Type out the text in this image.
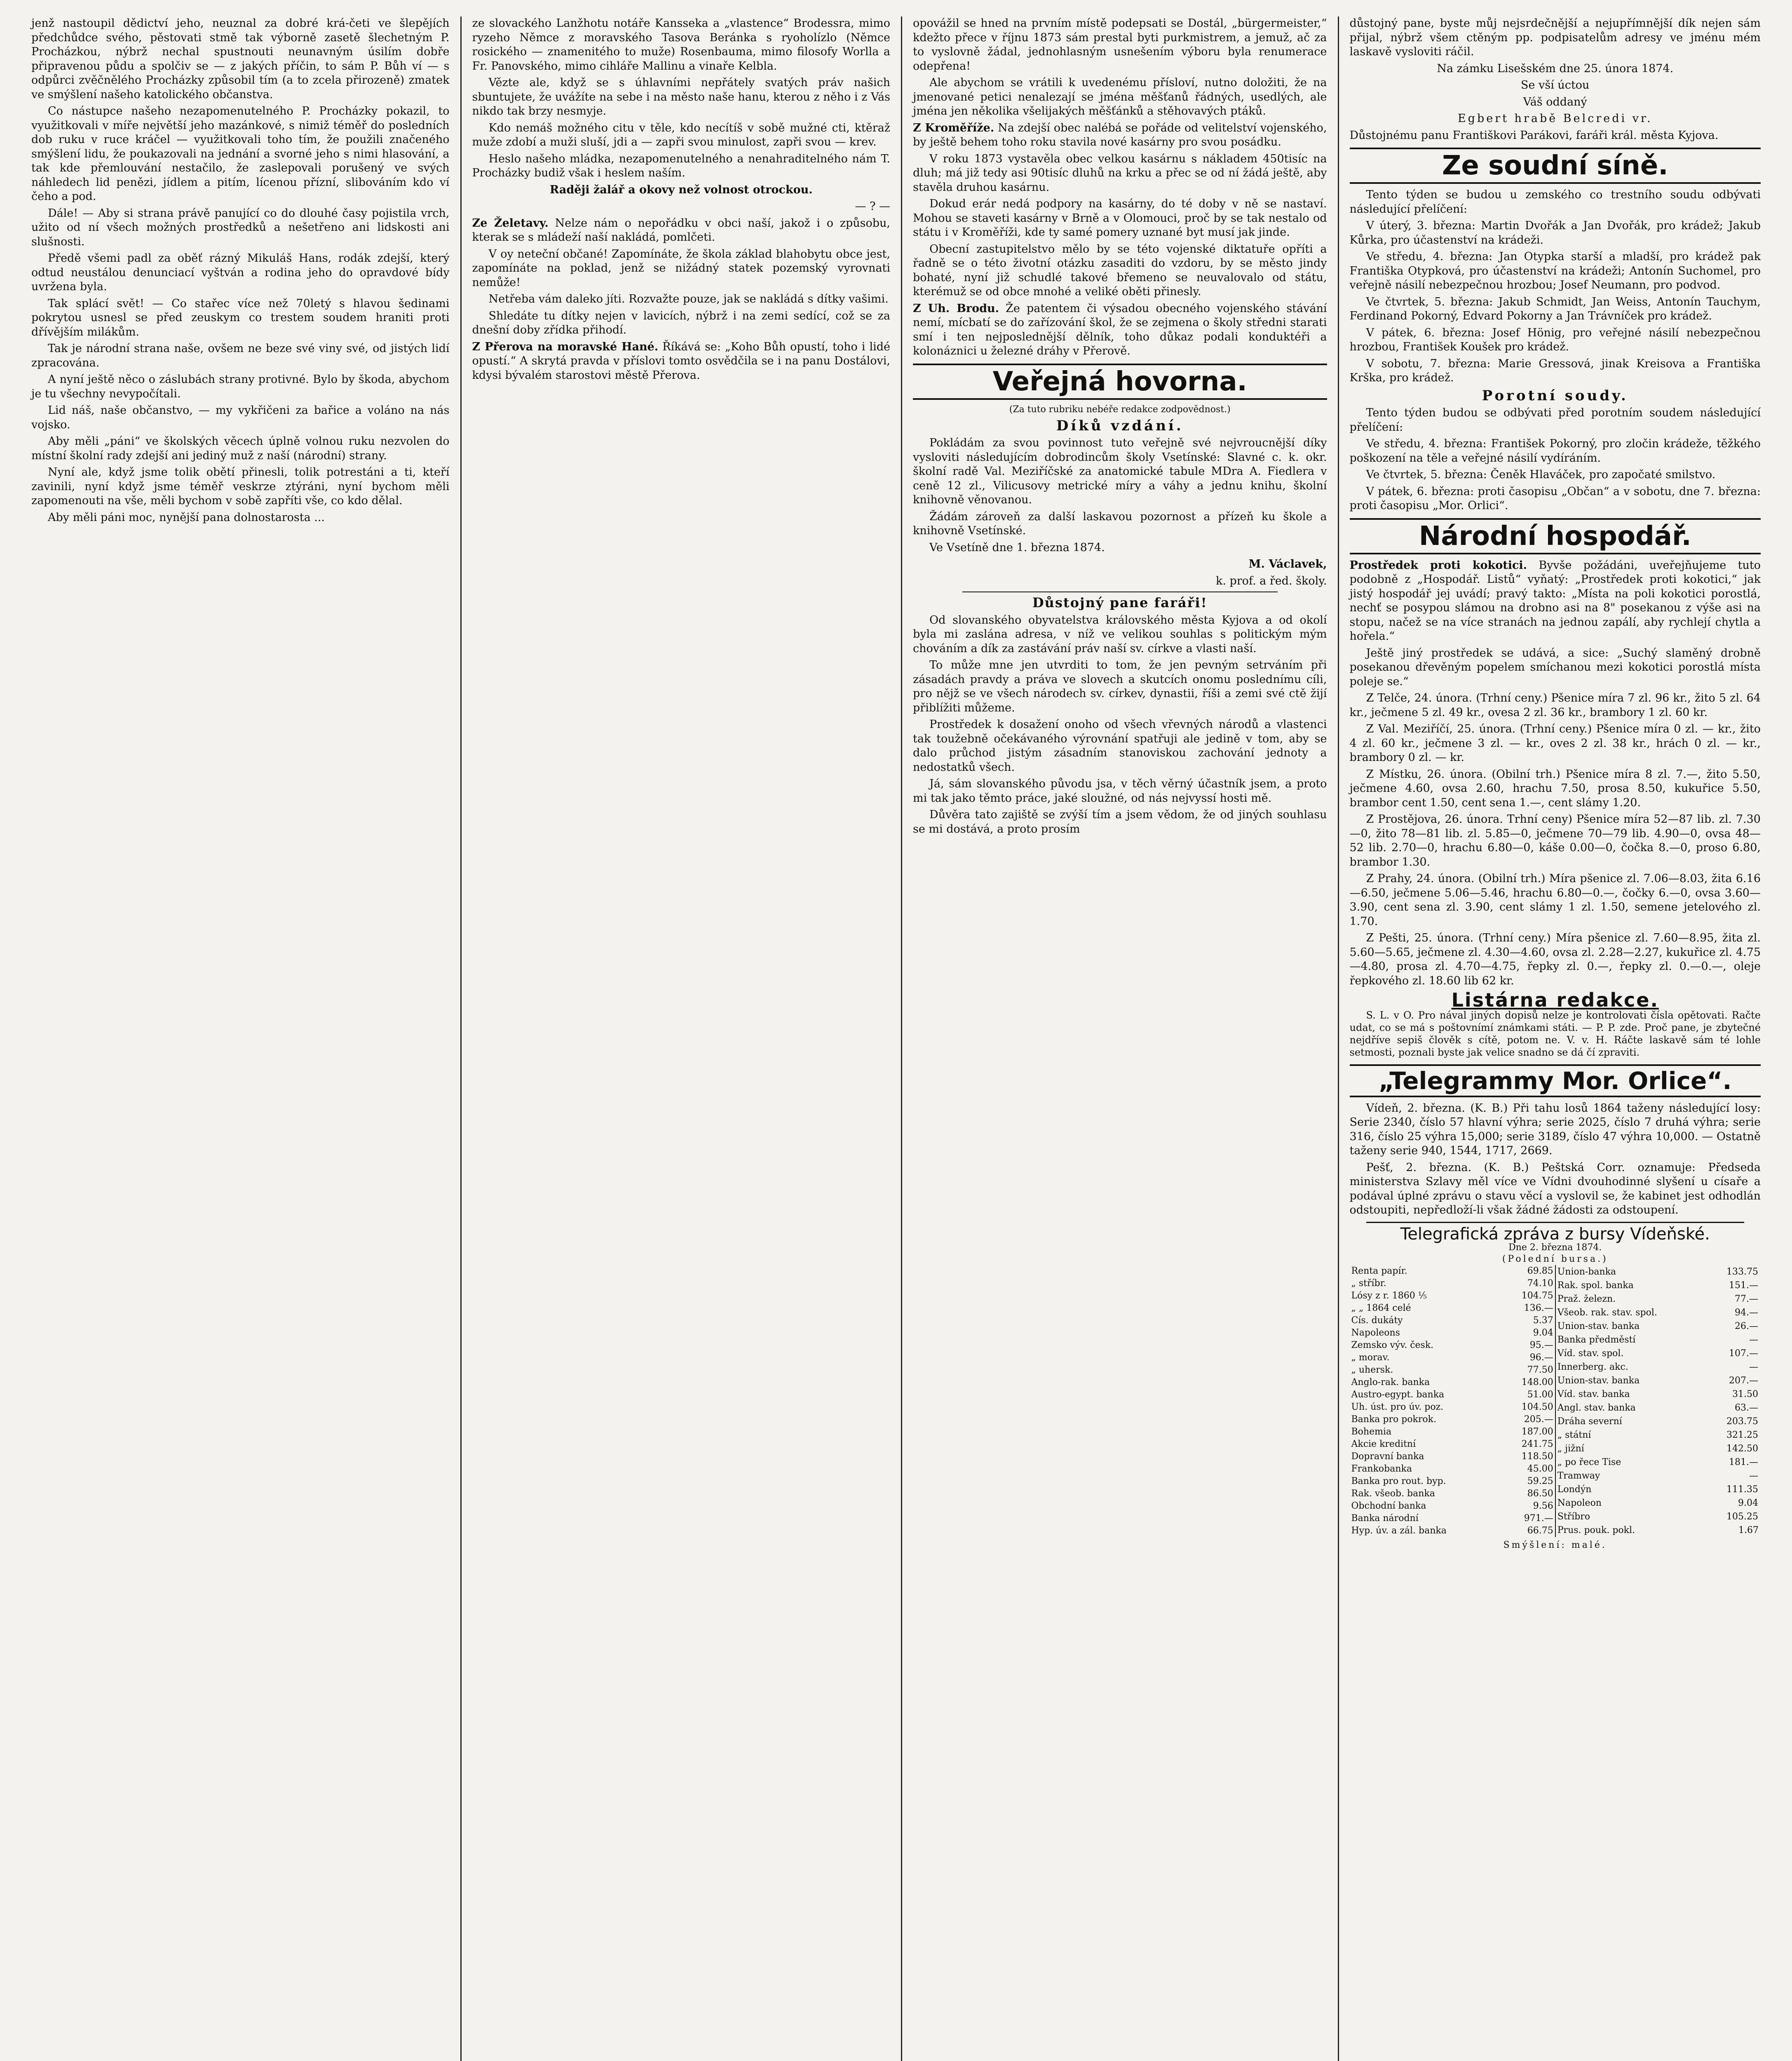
jenž nastoupil dědictví jeho, neuznal za dobré krá-četi ve šlepějích předchůdce svého, pěstovati stmě tak výborně zasetě šlechetným P. Procházkou, nýbrž nechal spustnouti neunavným úsilím dobře připravenou půdu a spolčiv se — z jakých příčin, to sám P. Bůh ví — s odpůrci zvěčnělého Procházky způsobil tím (a to zcela přirozeně) zmatek ve smýšlení našeho katolického občanstva.

Co nástupce našeho nezapomenutelného P. Procházky pokazil, to využitkovali v míře největší jeho mazánkové, s nimiž téměř do posledních dob ruku v ruce kráčel — využitkovali toho tím, že použili značeného smýšlení lidu, že poukazovali na jednání a svorné jeho s nimi hlasování, a tak kde přemlouvání nestačilo, že zaslepovali porušený ve svých náhledech lid penězi, jídlem a pitím, lícenou přízní, slibováním kdo ví čeho a pod.

Dále! — Aby si strana právě panující co do dlouhé časy pojistila vrch, užito od ní všech možných prostředků a nešetřeno ani lidskosti ani slušnosti.

Předě všemi padl za oběť rázný Mikuláš Hans, rodák zdejší, který odtud neustálou denunciací vyštván a rodina jeho do opravdové bídy uvržena byla.

Tak splácí svět! — Co stařec více než 70letý s hlavou šedinami pokrytou usnesl se před zeuskym co trestem soudem hraniti proti dřívějším milákům.

Tak je národní strana naše, ovšem ne beze své viny své, od jistých lidí zpracována.

A nyní ještě něco o záslubách strany protivné. Bylo by škoda, abychom je tu všechny nevypočítali.

Lid náš, naše občanstvo, — my vykřičeni za bařice a voláno na nás vojsko.

Aby měli „páni“ ve školských věcech úplně volnou ruku nezvolen do místní školní rady zdejší ani jediný muž z naší (národní) strany.

Nyní ale, když jsme tolik obětí přinesli, tolik potrestáni a ti, kteří zavinili, nyní když jsme téměř veskrze ztýráni, nyní bychom měli zapomenouti na vše, měli bychom v sobě zapříti vše, co kdo dělal.

Aby měli páni moc, nynější pana dolnostarosta ...

ze slovackého Lanžhotu notáře Kansseka a „vlastence“ Brodessra, mimo ryzeho Němce z moravského Tasova Beránka s ryoholízlo (Němce rosického — znamenitého to muže) Rosenbauma, mimo filosofy Worlla a Fr. Panovského, mimo cihláře Mallinu a vinaře Kelbla.

Vězte ale, když se s úhlavními nepřátely svatých práv našich sbuntujete, že uvážíte na sebe i na město naše hanu, kterou z něho i z Vás nikdo tak brzy nesmyje.

Kdo nemáš možného citu v těle, kdo necítíš v sobě mužné cti, ktěraž muže zdobí a muži sluší, jdi a — zapři svou minulost, zapři svou — krev.

Heslo našeho mládka, nezapomenutelného a nenahraditelného nám T. Procházky budiž však i heslem naším.

Raději žalář a okovy než volnost otrockou.

— ? —

Ze Želetavy. Nelze nám o nepořádku v obci naší, jakož i o způsobu, kterak se s mládeží naší nakládá, pomlčeti.

V oy neteční občané! Zapomínáte, že škola základ blahobytu obce jest, zapomínáte na poklad, jenž se nižádný statek pozemský vyrovnati nemůže!

Netřeba vám daleko jíti. Rozvažte pouze, jak se nakládá s dítky vašimi.

Shledáte tu dítky nejen v lavicích, nýbrž i na zemi sedící, což se za dnešní doby zřídka přihodí.

Z Přerova na moravské Hané. Říkává se: „Koho Bůh opustí, toho i lidé opustí.“ A skrytá pravda v příslovi tomto osvědčila se i na panu Dostálovi, kdysi bývalém starostovi městě Přerova.

opovážil se hned na prvním místě podepsati se Dostál, „bürgermeister,“ kdežto přece v říjnu 1873 sám prestal byti purkmistrem, a jemuž, ač za to vyslovně žádal, jednohlasným usnešením výboru byla renumerace odepřena!

Ale abychom se vrátili k uvedenému přísloví, nutno doložiti, že na jmenované petici nenalezají se jména měšťanů řádných, usedlých, ale jména jen několika všelijakých měšťánků a stěhovavých ptáků.

Z Kroměříže. Na zdejší obec nalébá se pořáde od velitelství vojenského, by ještě behem toho roku stavila nové kasárny pro svou posádku.

V roku 1873 vystavěla obec velkou kasárnu s nákladem 450tisíc na dluh; má již tedy asi 90tisíc dluhů na krku a přec se od ní žádá ještě, aby stavěla druhou kasárnu.

Dokud erár nedá podpory na kasárny, do té doby v ně se nastaví. Mohou se staveti kasárny v Brně a v Olomouci, proč by se tak nestalo od státu i v Kroměříži, kde ty samé pomery uznané byt musí jak jinde.

Obecní zastupitelstvo mělo by se této vojenské diktatuře opříti a řadně se o této životní otázku zasaditi do vzdoru, by se město jindy bohaté, nyní již schudlé takové břemeno se neuvalovalo od státu, kterémuž se od obce mnohé a veliké oběti přinesly.

Z Uh. Brodu. Že patentem či výsadou obecného vojenského stávání nemí, mícbatí se do zařízování škol, že se zejmena o školy středni starati smí i ten nejposlednější dělník, toho důkaz podali konduktéři a kolonáznici u železné dráhy v Přerově.

Veřejná hovorna.
(Za tuto rubriku nebéře redakce zodpovědnost.)
Díků vzdání.

Pokládám za svou povinnost tuto veřejně své nejvroucnější díky vysloviti následujícím dobrodincům školy Vsetínské: Slavné c. k. okr. školní radě Val. Meziříčské za anatomické tabule MDra A. Fiedlera v ceně 12 zl., Vilicusovy metrické míry a váhy a jednu knihu, školní knihovně věnovanou.

Žádám zároveň za další laskavou pozornost a přízeň ku škole a knihovně Vsetínské.

Ve Vsetíně dne 1. března 1874.

M. Václavek,

k. prof. a řed. školy.

Důstojný pane faráři!

Od slovanského obyvatelstva královského města Kyjova a od okolí byla mi zaslána adresa, v níž ve velikou souhlas s politickým mým chováním a dík za zastávání práv naší sv. církve a vlasti naší.

To může mne jen utvrditi to tom, že jen pevným setrváním při zásadách pravdy a práva ve slovech a skutcích onomu poslednímu cíli, pro nějž se ve všech národech sv. církev, dynastii, říši a zemi své ctě žijí přiblížiti můžeme.

Prostředek k dosažení onoho od všech vřevných národů a vlastenci tak toužebně očekávaného výrovnání spatřuji ale jedině v tom, aby se dalo průchod jistým zásadním stanoviskou zachování jednoty a nedostatků všech.

Já, sám slovanského původu jsa, v těch věrný účastník jsem, a proto mi tak jako těmto práce, jaké sloužné, od nás nejvyssí hosti mě.

Důvěra tato zajiště se zvýší tím a jsem vědom, že od jiných souhlasu se mi dostává, a proto prosím

důstojný pane, byste můj nejsrdečnější a nejupřímnější dík nejen sám přijal, nýbrž všem ctěným pp. podpisatelům adresy ve jménu mém laskavě vysloviti ráčil.

Na zámku Lisešském dne 25. února 1874.

Se vší úctou

Váš oddaný

Egbert hrabě Belcredi vr.

Důstojnému panu Františkovi Parákovi, faráři král. města Kyjova.

Ze soudní síně.

Tento týden se budou u zemského co trestního soudu odbývati následující přelíčení:

V úterý, 3. března: Martin Dvořák a Jan Dvořák, pro krádež; Jakub Kůrka, pro účastenství na krádeži.

Ve středu, 4. března: Jan Otypka starší a mladší, pro krádež pak Františka Otypková, pro účastenství na krádeži; Antonín Suchomel, pro veřejně násilí nebezpečnou hrozbou; Josef Neumann, pro podvod.

Ve čtvrtek, 5. března: Jakub Schmidt, Jan Weiss, Antonín Tauchym, Ferdinand Pokorný, Edvard Pokorny a Jan Trávníček pro krádež.

V pátek, 6. března: Josef Hönig, pro veřejné násilí nebezpečnou hrozbou, František Koušek pro krádež.

V sobotu, 7. března: Marie Gressová, jinak Kreisova a Františka Krška, pro krádež.

Porotní soudy.

Tento týden budou se odbývati před porotním soudem následující přelíčení:

Ve středu, 4. března: František Pokorný, pro zločin krádeže, těžkého poškození na těle a veřejné násilí vydíráním.

Ve čtvrtek, 5. března: Čeněk Hlaváček, pro započaté smilstvo.

V pátek, 6. března: proti časopisu „Občan“ a v sobotu, dne 7. března: proti časopisu „Mor. Orlici“.

Národní hospodář.

Prostředek proti kokotici. Byvše požádáni, uveřejňujeme tuto podobně z „Hospodář. Listů“ vyňatý: „Prostředek proti kokotici,“ jak jistý hospodář jej uvádí; pravý takto: „Místa na poli kokotici porostlá, nechť se posypou slámou na drobno asi na 8" posekanou z výše asi na stopu, načež se na více stranách na jednou zapálí, aby rychlejí chytla a hořela.“

Ještě jiný prostředek se udává, a sice: „Suchý slaměný drobně posekanou dřevěným popelem smíchanou mezi kokotici porostlá místa poleje se.“

Z Telče, 24. února. (Trhní ceny.) Pšenice míra 7 zl. 96 kr., žito 5 zl. 64 kr., ječmene 5 zl. 49 kr., ovesa 2 zl. 36 kr., brambory 1 zl. 60 kr.

Z Val. Meziříčí, 25. února. (Trhní ceny.) Pšenice míra 0 zl. — kr., žito 4 zl. 60 kr., ječmene 3 zl. — kr., oves 2 zl. 38 kr., hrách 0 zl. — kr., brambory 0 zl. — kr.

Z Místku, 26. února. (Obilní trh.) Pšenice míra 8 zl. 7.—, žito 5.50, ječmene 4.60, ovsa 2.60, hrachu 7.50, prosa 8.50, kukuřice 5.50, brambor cent 1.50, cent sena 1.—, cent slámy 1.20.

Z Prostějova, 26. února. Trhní ceny) Pšenice míra 52—87 lib. zl. 7.30—0, žito 78—81 lib. zl. 5.85—0, ječmene 70—79 lib. 4.90—0, ovsa 48—52 lib. 2.70—0, hrachu 6.80—0, káše 0.00—0, čočka 8.—0, proso 6.80, brambor 1.30.

Z Prahy, 24. února. (Obilní trh.) Míra pšenice zl. 7.06—8.03, žita 6.16—6.50, ječmene 5.06—5.46, hrachu 6.80—0.—, čočky 6.—0, ovsa 3.60—3.90, cent sena zl. 3.90, cent slámy 1 zl. 1.50, semene jetelového zl. 1.70.

Z Pešti, 25. února. (Trhní ceny.) Míra pšenice zl. 7.60—8.95, žita zl. 5.60—5.65, ječmene zl. 4.30—4.60, ovsa zl. 2.28—2.27, kukuřice zl. 4.75—4.80, prosa zl. 4.70—4.75, řepky zl. 0.—, řepky zl. 0.—0.—, oleje řepkového zl. 18.60 lib 62 kr.

Listárna redakce.

S. L. v O. Pro nával jiných dopisů nelze je kontrolovati čísla opětovati. Račte udat, co se má s poštovnímí známkami státi. — P. P. zde. Proč pane, je zbytečné nejdříve sepiš člověk s cítě, potom ne. V. v. H. Ráčte laskavě sám té lohle setmosti, poznali byste jak velice snadno se dá čí zpraviti.

„Telegrammy Mor. Orlice“.

Vídeň, 2. března. (K. B.) Při tahu losů 1864 taženy následující losy: Serie 2340, číslo 57 hlavní výhra; serie 2025, číslo 7 druhá výhra; serie 316, číslo 25 výhra 15,000; serie 3189, číslo 47 výhra 10,000. — Ostatně taženy serie 940, 1544, 1717, 2669.

Pešť, 2. března. (K. B.) Peštská Corr. oznamuje: Předseda ministerstva Szlavy měl více ve Vídni dvouhodinné slyšení u císaře a podával úplné zprávu o stavu věcí a vyslovil se, že kabinet jest odhodlán odstoupiti, nepředloží-li však žádné žádosti za odstoupení.

Telegrafická zpráva z bursy Vídeňské.
Dne 2. března 1874.
(Polední bursa.)
Renta papír.	69.85
„ stříbr.	74.10
Lósy z r. 1860 ⅕	104.75
„ „ 1864 celé	136.—
Cís. dukáty	5.37
Napoleons	9.04
Zemsko výv. česk.	95.—
„ morav.	96.—
„ uhersk.	77.50
Anglo-rak. banka	148.00
Austro-egypt. banka	51.00
Uh. úst. pro úv. poz.	104.50
Banka pro pokrok.	205.—
Bohemia	187.00
Akcie kreditní	241.75
Dopravní banka	118.50
Frankobanka	45.00
Banka pro rout. byp.	59.25
Rak. všeob. banka	86.50
Obchodní banka	9.56
Banka národní	971.—
Hyp. úv. a zál. banka	66.75
Union-banka	133.75
Rak. spol. banka	151.—
Praž. železn.	77.—
Všeob. rak. stav. spol.	94.—
Union-stav. banka	26.—
Banka předměstí	—
Víd. stav. spol.	107.—
Innerberg. akc.	—
Union-stav. banka	207.—
Víd. stav. banka	31.50
Angl. stav. banka	63.—
Dráha severní	203.75
„ státní	321.25
„ jižní	142.50
„ po řece Tise	181.—
Tramway	—
Londýn	111.35
Napoleon	9.04
Stříbro	105.25
Prus. pouk. pokl.	1.67
Smýšlení: malé.
